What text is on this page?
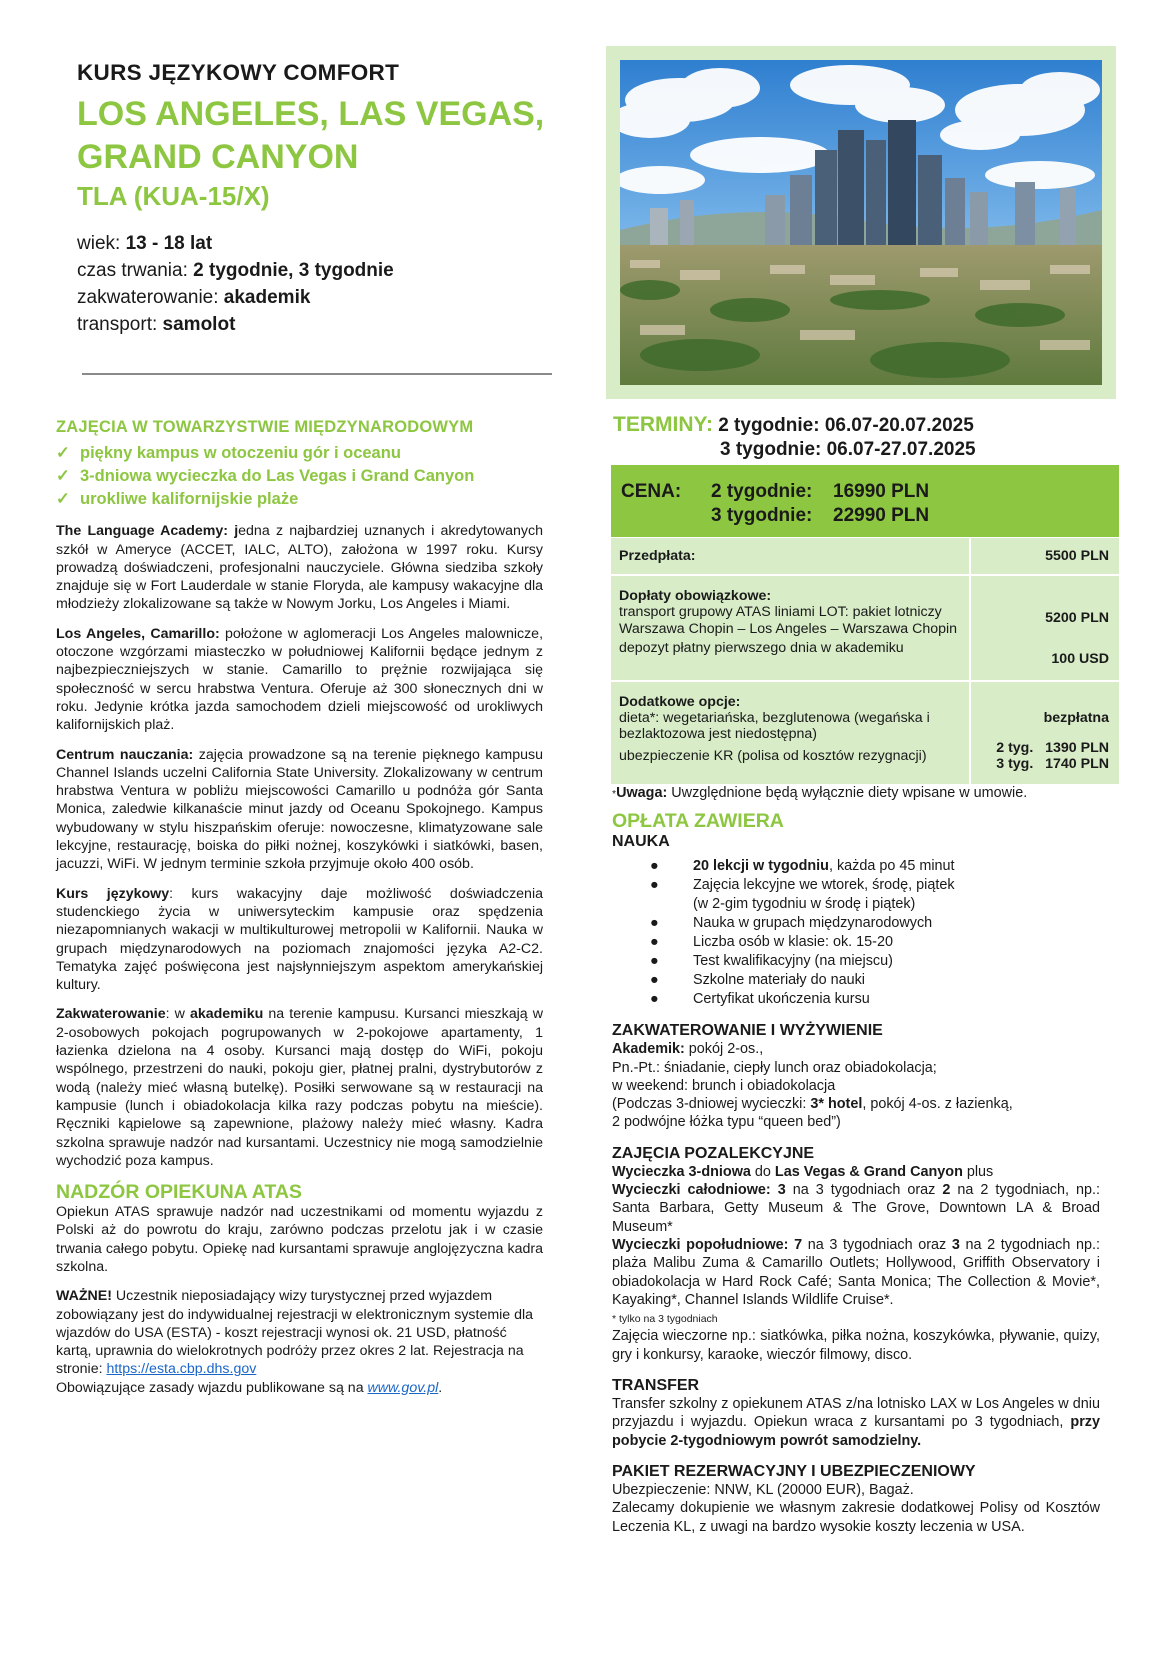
KURS JĘZYKOWY COMFORT
LOS ANGELES, LAS VEGAS,
GRAND CANYON
TLA (KUA-15/X)
wiek: 13 - 18 lat
czas trwania: 2 tygodnie, 3 tygodnie
zakwaterowanie: akademik
transport: samolot
ZAJĘCIA W TOWARZYSTWIE MIĘDZYNARODOWYM
✓ piękny kampus w otoczeniu gór i oceanu
✓ 3-dniowa wycieczka do Las Vegas i Grand Canyon
✓ urokliwe kalifornijskie plaże

The Language Academy: jedna z najbardziej uznanych i akredytowanych szkół w Ameryce (ACCET, IALC, ALTO), założona w 1997 roku. Kursy prowadzą doświadczeni, profesjonalni nauczyciele. Główna siedziba szkoły znajduje się w Fort Lauderdale w stanie Floryda, ale kampusy wakacyjne dla młodzieży zlokalizowane są także w Nowym Jorku, Los Angeles i Miami.

Los Angeles, Camarillo: położone w aglomeracji Los Angeles malownicze, otoczone wzgórzami miasteczko w południowej Kalifornii będące jednym z najbezpieczniejszych w stanie. Camarillo to prężnie rozwijająca się społeczność w sercu hrabstwa Ventura. Oferuje aż 300 słonecznych dni w roku. Jedynie krótka jazda samochodem dzieli miejscowość od urokliwych kalifornijskich plaż.

Centrum nauczania: zajęcia prowadzone są na terenie pięknego kampusu Channel Islands uczelni California State University. Zlokalizowany w centrum hrabstwa Ventura w pobliżu miejscowości Camarillo u podnóża gór Santa Monica, zaledwie kilkanaście minut jazdy od Oceanu Spokojnego. Kampus wybudowany w stylu hiszpańskim oferuje: nowoczesne, klimatyzowane sale lekcyjne, restaurację, boiska do piłki nożnej, koszykówki i siatkówki, basen, jacuzzi, WiFi. W jednym terminie szkoła przyjmuje około 400 osób.

Kurs językowy: kurs wakacyjny daje możliwość doświadczenia studenckiego życia w uniwersyteckim kampusie oraz spędzenia niezapomnianych wakacji w multikulturowej metropolii w Kalifornii. Nauka w grupach międzynarodowych na poziomach znajomości języka A2-C2. Tematyka zajęć poświęcona jest najsłynniejszym aspektom amerykańskiej kultury.

Zakwaterowanie: w akademiku na terenie kampusu. Kursanci mieszkają w 2-osobowych pokojach pogrupowanych w 2-pokojowe apartamenty, 1 łazienka dzielona na 4 osoby. Kursanci mają dostęp do WiFi, pokoju wspólnego, przestrzeni do nauki, pokoju gier, płatnej pralni, dystrybutorów z wodą (należy mieć własną butelkę). Posiłki serwowane są w restauracji na kampusie (lunch i obiadokolacja kilka razy podczas pobytu na mieście). Ręczniki kąpielowe są zapewnione, plażowy należy mieć własny. Kadra szkolna sprawuje nadzór nad kursantami. Uczestnicy nie mogą samodzielnie wychodzić poza kampus.

NADZÓR OPIEKUNA ATAS

Opiekun ATAS sprawuje nadzór nad uczestnikami od momentu wyjazdu z Polski aż do powrotu do kraju, zarówno podczas przelotu jak i w czasie trwania całego pobytu. Opiekę nad kursantami sprawuje anglojęzyczna kadra szkolna.

WAŻNE! Uczestnik nieposiadający wizy turystycznej przed wyjazdem zobowiązany jest do indywidualnej rejestracji w elektronicznym systemie dla wjazdów do USA (ESTA) - koszt rejestracji wynosi ok. 21 USD, płatność kartą, uprawnia do wielokrotnych podróży przez okres 2 lat. Rejestracja na stronie: https://esta.cbp.dhs.gov
Obowiązujące zasady wjazdu publikowane są na www.gov.pl.

TERMINY: 2 tygodnie: 06.07-20.07.2025
3 tygodnie: 06.07-27.07.2025
CENA: 2 tygodnie:
3 tygodnie:
16990 PLN
22990 PLN
Przedpłata:	5500 PLN
Dopłaty obowiązkowe:
transport grupowy ATAS liniami LOT: pakiet lotniczy Warszawa Chopin – Los Angeles – Warszawa Chopin

depozyt płatny pierwszego dnia w akademiku
5200 PLN
100 USD
Dodatkowe opcje:
dieta*: wegetariańska, bezglutenowa (wegańska i bezlaktozowa jest niedostępna)

ubezpieczenie KR (polisa od kosztów rezygnacji)
bezpłatna
2 tyg.   1390 PLN
3 tyg.   1740 PLN

*Uwaga: Uwzględnione będą wyłącznie diety wpisane w umowie.

OPŁATA ZAWIERA
NAUKA
● 20 lekcji w tygodniu, każda po 45 minut
● Zajęcia lekcyjne we wtorek, środę, piątek
(w 2-gim tygodniu w środę i piątek)
● Nauka w grupach międzynarodowych
● Liczba osób w klasie: ok. 15-20
● Test kwalifikacyjny (na miejscu)
● Szkolne materiały do nauki
● Certyfikat ukończenia kursu
ZAKWATEROWANIE I WYŻYWIENIE

Akademik: pokój 2-os.,
Pn.-Pt.: śniadanie, ciepły lunch oraz obiadokolacja;
w weekend: brunch i obiadokolacja
(Podczas 3-dniowej wycieczki: 3* hotel, pokój 4-os. z łazienką,
2 podwójne łóżka typu “queen bed”)

ZAJĘCIA POZALEKCYJNE

Wycieczka 3-dniowa do Las Vegas & Grand Canyon plus
Wycieczki całodniowe: 3 na 3 tygodniach oraz 2 na 2 tygodniach, np.: Santa Barbara, Getty Museum & The Grove, Downtown LA & Broad Museum*
Wycieczki popołudniowe: 7 na 3 tygodniach oraz 3 na 2 tygodniach np.: plaża Malibu Zuma & Camarillo Outlets; Hollywood, Griffith Observatory i obiadokolacja w Hard Rock Café; Santa Monica; The Collection & Movie*, Kayaking*, Channel Islands Wildlife Cruise*.
* tylko na 3 tygodniach
Zajęcia wieczorne np.: siatkówka, piłka nożna, koszykówka, pływanie, quizy, gry i konkursy, karaoke, wieczór filmowy, disco.

TRANSFER

Transfer szkolny z opiekunem ATAS z/na lotnisko LAX w Los Angeles w dniu przyjazdu i wyjazdu. Opiekun wraca z kursantami po 3 tygodniach, przy pobycie 2-tygodniowym powrót samodzielny.

PAKIET REZERWACYJNY I UBEZPIECZENIOWY

Ubezpieczenie: NNW, KL (20000 EUR), Bagaż.

Zalecamy dokupienie we własnym zakresie dodatkowej Polisy od Kosztów Leczenia KL, z uwagi na bardzo wysokie koszty leczenia w USA.
